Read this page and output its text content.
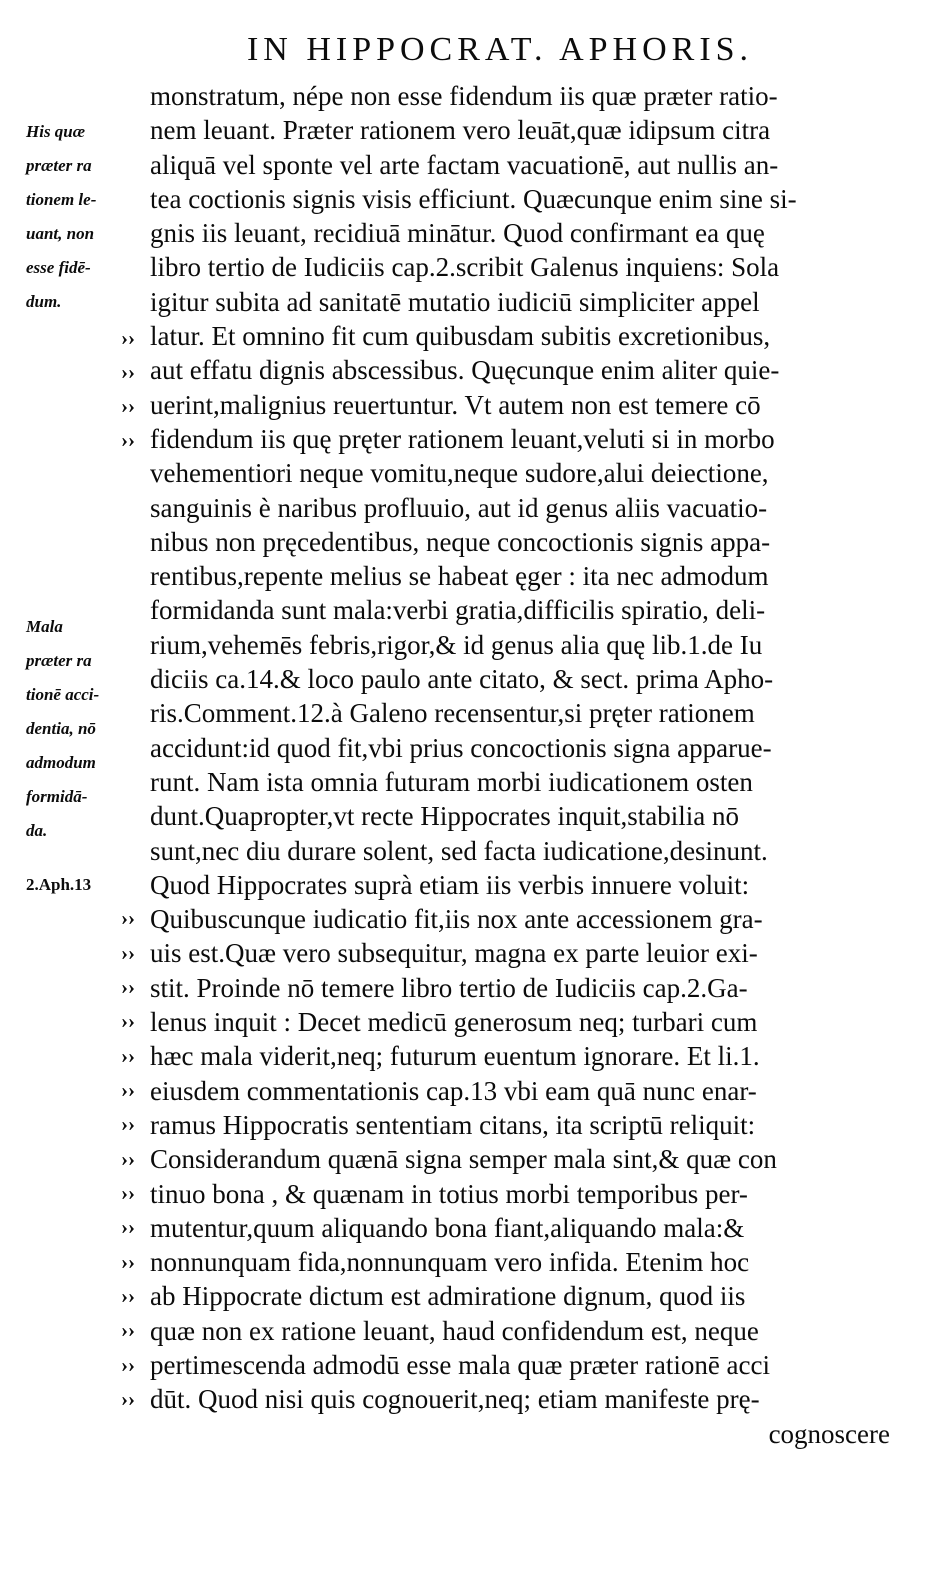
IN HIPPOCRAT. APHORIS.
His quæ
præter ra
tionem le-
uant, non
esse fidē-
dum.
Mala
præter ra
tionē acci-
dentia, nō
admodum
formidā-
da.
2.Aph.13
››
››
››
››
››
››
››
››
››
››
››
››
››
››
››
››
››
››
››
monstratum, népe non esse fidendum iis quæ præter ratio-
nem leuant. Præter rationem vero leuāt,quæ idipsum citra
aliquā vel sponte vel arte factam vacuationē, aut nullis an-
tea coctionis signis visis efficiunt. Quæcunque enim sine si-
gnis iis leuant, recidiuā minātur. Quod confirmant ea quę
libro tertio de Iudiciis cap.2.scribit Galenus inquiens: Sola
igitur subita ad sanitatē mutatio iudiciū simpliciter appel
latur. Et omnino fit cum quibusdam subitis excretionibus,
aut effatu dignis abscessibus. Quęcunque enim aliter quie-
uerint,malignius reuertuntur. Vt autem non est temere cō
fidendum iis quę pręter rationem leuant,veluti si in morbo
vehementiori neque vomitu,neque sudore,alui deiectione,
sanguinis è naribus profluuio, aut id genus aliis vacuatio-
nibus non pręcedentibus, neque concoctionis signis appa-
rentibus,repente melius se habeat ęger : ita nec admodum
formidanda sunt mala:verbi gratia,difficilis spiratio, deli-
rium,vehemēs febris,rigor,& id genus alia quę lib.1.de Iu
diciis ca.14.& loco paulo ante citato, & sect. prima Apho-
ris.Comment.12.à Galeno recensentur,si pręter rationem
accidunt:id quod fit,vbi prius concoctionis signa apparue-
runt. Nam ista omnia futuram morbi iudicationem osten
dunt.Quapropter,vt recte Hippocrates inquit,stabilia nō
sunt,nec diu durare solent, sed facta iudicatione,desinunt.
Quod Hippocrates suprà etiam iis verbis innuere voluit:
Quibuscunque iudicatio fit,iis nox ante accessionem gra-
uis est.Quæ vero subsequitur, magna ex parte leuior exi-
stit. Proinde nō temere libro tertio de Iudiciis cap.2.Ga-
lenus inquit : Decet medicū generosum neq; turbari cum
hæc mala viderit,neq; futurum euentum ignorare. Et li.1.
eiusdem commentationis cap.13 vbi eam quā nunc enar-
ramus Hippocratis sententiam citans, ita scriptū reliquit:
Considerandum quænā signa semper mala sint,& quæ con
tinuo bona , & quænam in totius morbi temporibus per-
mutentur,quum aliquando bona fiant,aliquando mala:&
nonnunquam fida,nonnunquam vero infida. Etenim hoc
ab Hippocrate dictum est admiratione dignum, quod iis
quæ non ex ratione leuant, haud confidendum est, neque
pertimescenda admodū esse mala quæ præter rationē acci
dūt. Quod nisi quis cognouerit,neq; etiam manifeste prę-
cognoscere
